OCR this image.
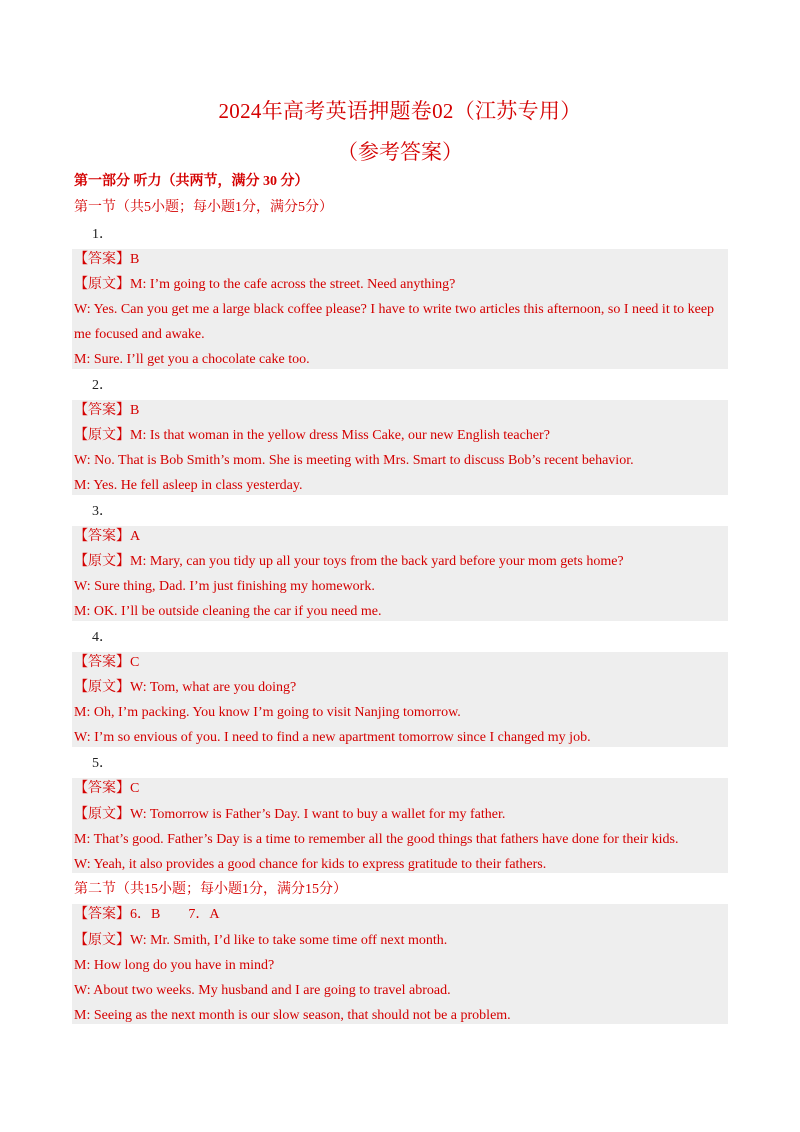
2024年高考英语押题卷02（江苏专用）
（参考答案）
第一部分 听力（共两节，满分 30 分）
第一节（共5小题；每小题1分，满分5分）
1．
【答案】B
【原文】M: I’m going to the cafe across the street. Need anything?
W: Yes. Can you get me a large black coffee please? I have to write two articles this afternoon, so I need it to keep me focused and awake.
M: Sure. I’ll get you a chocolate cake too.
2．
【答案】B
【原文】M: Is that woman in the yellow dress Miss Cake, our new English teacher?
W: No. That is Bob Smith’s mom. She is meeting with Mrs. Smart to discuss Bob’s recent behavior.
M: Yes. He fell asleep in class yesterday.
3．
【答案】A
【原文】M: Mary, can you tidy up all your toys from the back yard before your mom gets home?
W: Sure thing, Dad. I’m just finishing my homework.
M: OK. I’ll be outside cleaning the car if you need me.
4．
【答案】C
【原文】W: Tom, what are you doing?
M: Oh, I’m packing. You know I’m going to visit Nanjing tomorrow.
W: I’m so envious of you. I need to find a new apartment tomorrow since I changed my job.
5．
【答案】C
【原文】W: Tomorrow is Father’s Day. I want to buy a wallet for my father.
M: That’s good. Father’s Day is a time to remember all the good things that fathers have done for their kids.
W: Yeah, it also provides a good chance for kids to express gratitude to their fathers.
第二节（共15小题；每小题1分，满分15分）
【答案】6．B        7．A
【原文】W: Mr. Smith, I’d like to take some time off next month.
M: How long do you have in mind?
W: About two weeks. My husband and I are going to travel abroad.
M: Seeing as the next month is our slow season, that should not be a problem.
